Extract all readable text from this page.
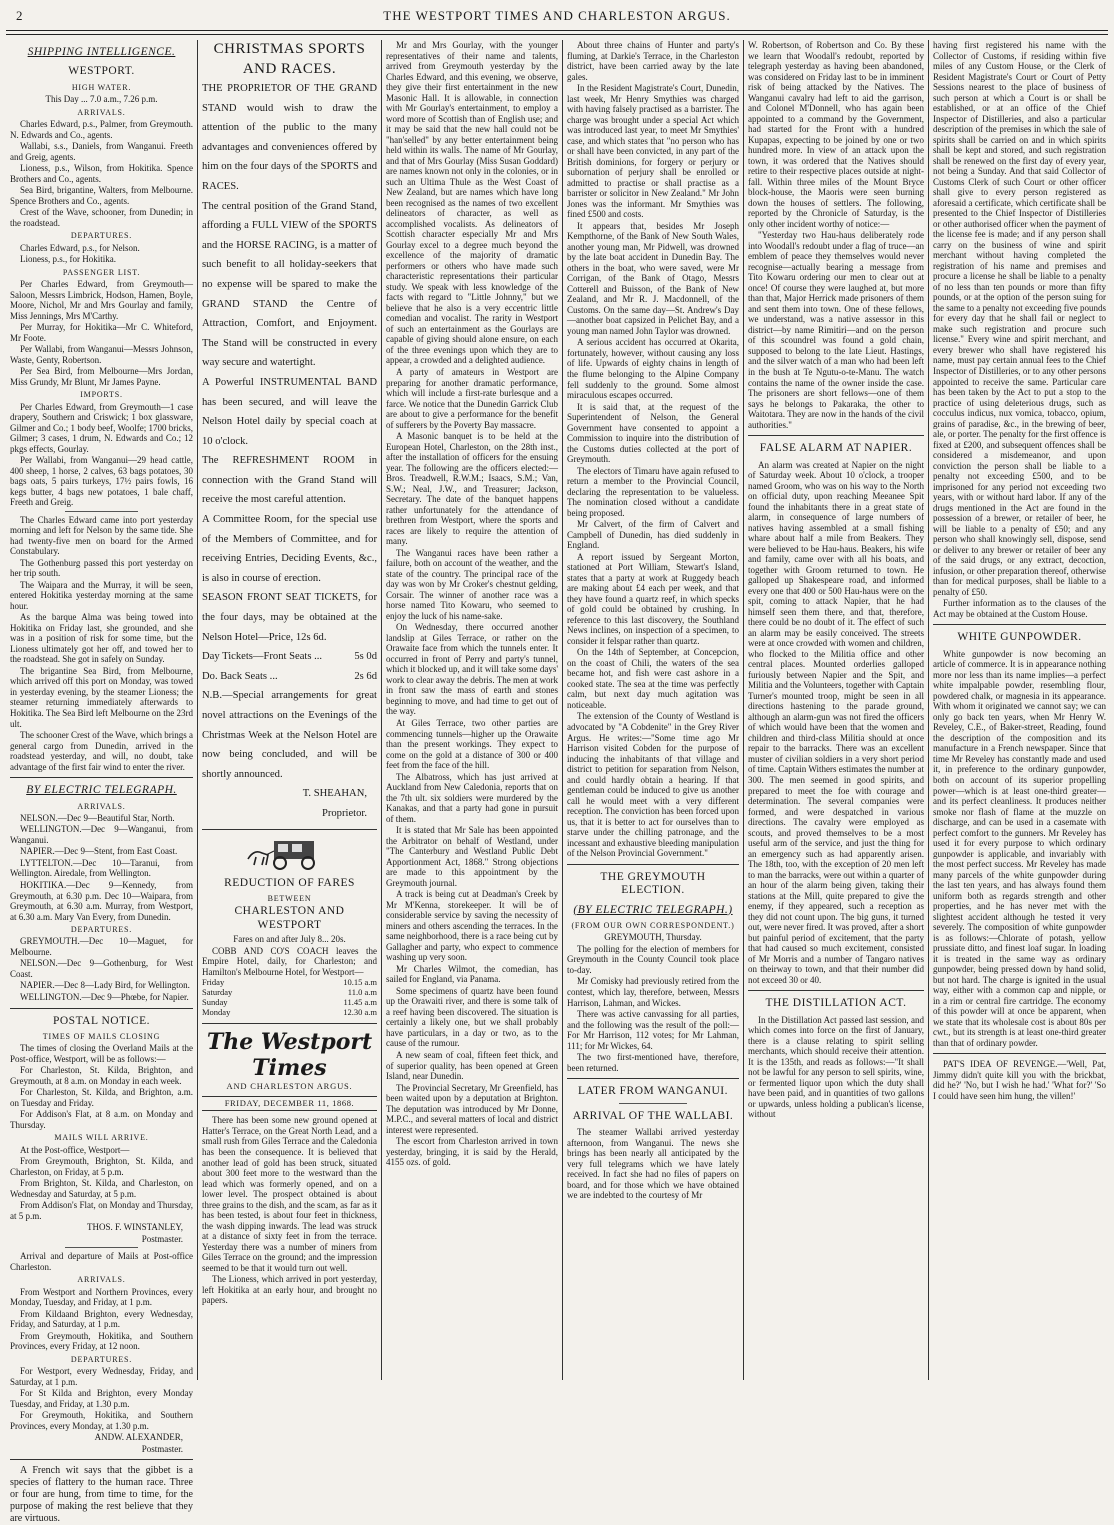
2	THE WESTPORT TIMES AND CHARLESTON ARGUS.
SHIPPING INTELLIGENCE.
WESTPORT.
HIGH WATER.

This Day ... 7.0 a.m., 7.26 p.m.

ARRIVALS.

Charles Edward, p.s., Palmer, from Greymouth. N. Edwards and Co., agents.

Wallabi, s.s., Daniels, from Wanganui. Freeth and Greig, agents.

Lioness, p.s., Wilson, from Hokitika. Spence Brothers and Co., agents.

Sea Bird, brigantine, Walters, from Melbourne. Spence Brothers and Co., agents.

Crest of the Wave, schooner, from Dunedin; in the roadstead.

DEPARTURES.

Charles Edward, p.s., for Nelson.

Lioness, p.s., for Hokitika.

PASSENGER LIST.

Per Charles Edward, from Greymouth—Saloon, Messrs Limbrick, Hodson, Hamen, Boyle, Moore, Nichol, Mr and Mrs Gourlay and family, Miss Jennings, Mrs M'Carthy.

Per Murray, for Hokitika—Mr C. Whiteford, Mr Foote.

Per Wallabi, from Wanganui—Messrs Johnson, Waste, Genty, Robertson.

Per Sea Bird, from Melbourne—Mrs Jordan, Miss Grundy, Mr Blunt, Mr James Payne.

IMPORTS.

Per Charles Edward, from Greymouth—1 case drapery, Southern and Criswick; 1 box glassware, Gilmer and Co.; 1 body beef, Woolfe; 1700 bricks, Gilmer; 3 cases, 1 drum, N. Edwards and Co.; 12 pkgs effects, Gourlay.

Per Wallabi, from Wanganui—29 head cattle, 400 sheep, 1 horse, 2 calves, 63 bags potatoes, 30 bags oats, 5 pairs turkeys, 17½ pairs fowls, 16 kegs butter, 4 bags new potatoes, 1 bale chaff, Freeth and Greig.

The Charles Edward came into port yesterday morning and left for Nelson by the same tide. She had twenty-five men on board for the Armed Constabulary.

The Gothenburg passed this port yesterday on her trip south.

The Waipara and the Murray, it will be seen, entered Hokitika yesterday morning at the same hour.

As the barque Alma was being towed into Hokitika on Friday last, she grounded, and she was in a position of risk for some time, but the Lioness ultimately got her off, and towed her to the roadstead. She got in safely on Sunday.

The brigantine Sea Bird, from Melbourne, which arrived off this port on Monday, was towed in yesterday evening, by the steamer Lioness; the steamer returning immediately afterwards to Hokitika. The Sea Bird left Melbourne on the 23rd ult.

The schooner Crest of the Wave, which brings a general cargo from Dunedin, arrived in the roadstead yesterday, and will, no doubt, take advantage of the first fair wind to enter the river.

BY ELECTRIC TELEGRAPH.
ARRIVALS.

NELSON.—Dec 9—Beautiful Star, North.

WELLINGTON.—Dec 9—Wanganui, from Wanganui.

NAPIER.—Dec 9—Stent, from East Coast.

LYTTELTON.—Dec 10—Taranui, from Wellington. Airedale, from Wellington.

HOKITIKA.—Dec 9—Kennedy, from Greymouth, at 6.30 p.m. Dec 10—Waipara, from Greymouth, at 6.30 a.m. Murray, from Westport, at 6.30 a.m. Mary Van Every, from Dunedin.

DEPARTURES.

GREYMOUTH.—Dec 10—Maguet, for Melbourne.

NELSON.—Dec 9—Gothenburg, for West Coast.

NAPIER.—Dec 8—Lady Bird, for Wellington.

WELLINGTON.—Dec 9—Phœbe, for Napier.

POSTAL NOTICE.
TIMES OF MAILS CLOSING

The times of closing the Overland Mails at the Post-office, Westport, will be as follows:—

For Charleston, St. Kilda, Brighton, and Greymouth, at 8 a.m. on Monday in each week.

For Charleston, St. Kilda, and Brighton, a.m. on Tuesday and Friday.

For Addison's Flat, at 8 a.m. on Monday and Thursday.

MAILS WILL ARRIVE.

At the Post-office, Westport—

From Greymouth, Brighton, St. Kilda, and Charleston, on Friday, at 5 p.m.

From Brighton, St. Kilda, and Charleston, on Wednesday and Saturday, at 5 p.m.

From Addison's Flat, on Monday and Thursday, at 5 p.m.

THOS. F. WINSTANLEY,

Postmaster.

Arrival and departure of Mails at Post-office Charleston.

ARRIVALS.

From Westport and Northern Provinces, every Monday, Tuesday, and Friday, at 1 p.m.

From Kildaand Brighton, every Wednesday, Friday, and Saturday, at 1 p.m.

From Greymouth, Hokitika, and Southern Provinces, every Friday, at 12 noon.

DEPARTURES.

For Westport, every Wednesday, Friday, and Saturday, at 1 p.m.

For St Kilda and Brighton, every Monday Tuesday, and Friday, at 1.30 p.m.

For Greymouth, Hokitika, and Southern Provinces, every Monday, at 1.30 p.m.

ANDW. ALEXANDER,

Postmaster.

A French wit says that the gibbet is a species of flattery to the human race. Three or four are hung, from time to time, for the purpose of making the rest believe that they are virtuous.

CHRISTMAS SPORTS AND RACES.

THE PROPRIETOR OF THE GRAND STAND would wish to draw the attention of the public to the many advantages and conveniences offered by him on the four days of the SPORTS and RACES.

The central position of the Grand Stand, affording a FULL VIEW of the SPORTS and the HORSE RACING, is a matter of such benefit to all holiday-seekers that no expense will be spared to make the GRAND STAND the Centre of Attraction, Comfort, and Enjoyment. The Stand will be constructed in every way secure and watertight.

A Powerful INSTRUMENTAL BAND has been secured, and will leave the Nelson Hotel daily by special coach at 10 o'clock.

The REFRESHMENT ROOM in connection with the Grand Stand will receive the most careful attention.

A Committee Room, for the special use of the Members of Committee, and for receiving Entries, Deciding Events, &c., is also in course of erection.

SEASON FRONT SEAT TICKETS, for the four days, may be obtained at the Nelson Hotel—Price, 12s 6d.

Day Tickets—Front Seats ...	5s 0d
Do. Back Seats ...	2s 6d

N.B.—Special arrangements for great novel attractions on the Evenings of the Christmas Week at the Nelson Hotel are now being concluded, and will be shortly announced.

T. SHEAHAN,

Proprietor.

REDUCTION OF FARES
BETWEEN
CHARLESTON AND WESTPORT

Fares on and after July 8... 20s.

COBB AND CO'S COACH leaves the Empire Hotel, daily, for Charleston; and Hamilton's Melbourne Hotel, for Westport—

Friday	10.15 a.m
Saturday	11.0 a.m
Sunday	11.45 a.m
Monday	12.30 a.m
The Westport Times
AND CHARLESTON ARGUS.
FRIDAY, DECEMBER 11, 1868.

There has been some new ground opened at Hatter's Terrace, on the Great North Lead, and a small rush from Giles Terrace and the Caledonia has been the consequence. It is believed that another lead of gold has been struck, situated about 300 feet more to the westward than the lead which was formerly opened, and on a lower level. The prospect obtained is about three grains to the dish, and the scam, as far as it has been tested, is about four feet in thickness, the wash dipping inwards. The lead was struck at a distance of sixty feet in from the terrace. Yesterday there was a number of miners from Giles Terrace on the ground; and the impression seemed to be that it would turn out well.

The Lioness, which arrived in port yesterday, left Hokitika at an early hour, and brought no papers.

Mr and Mrs Gourlay, with the younger representatives of their name and talents, arrived from Greymouth yesterday by the Charles Edward, and this evening, we observe, they give their first entertainment in the new Masonic Hall. It is allowable, in connection with Mr Gourlay's entertainment, to employ a word more of Scottish than of English use; and it may be said that the new hall could not be "han'selled" by any better entertainment being held within its walls. The name of Mr Gourlay, and that of Mrs Gourlay (Miss Susan Goddard) are names known not only in the colonies, or in such an Ultima Thule as the West Coast of New Zealand, but are names which have long been recognised as the names of two excellent delineators of character, as well as accomplished vocalists. As delineators of Scottish character especially Mr and Mrs Gourlay excel to a degree much beyond the excellence of the majority of dramatic performers or others who have made such characteristic representations their particular study. We speak with less knowledge of the facts with regard to "Little Johnny," but we believe that he also is a very eccentric little comedian and vocalist. The rarity in Westport of such an entertainment as the Gourlays are capable of giving should alone ensure, on each of the three evenings upon which they are to appear, a crowded and a delighted audience.

A party of amateurs in Westport are preparing for another dramatic performance, which will include a first-rate burlesque and a farce. We notice that the Dunedin Garrick Club are about to give a performance for the benefit of sufferers by the Poverty Bay massacre.

A Masonic banquet is to be held at the European Hotel, Charleston, on the 28th inst., after the installation of officers for the ensuing year. The following are the officers elected:—Bros. Treadwell, R.W.M.; Isaacs, S.M.; Van, S.W.; Neal, J.W., and Treasurer; Jackson, Secretary. The date of the banquet happens rather unfortunately for the attendance of brethren from Westport, where the sports and races are likely to require the attention of many.

The Wanganui races have been rather a failure, both on account of the weather, and the state of the country. The principal race of the day was won by Mr Croker's chestnut gelding, Corsair. The winner of another race was a horse named Tito Kowaru, who seemed to enjoy the luck of his name-sake.

On Wednesday, there occurred another landslip at Giles Terrace, or rather on the Orawaite face from which the tunnels enter. It occurred in front of Perry and party's tunnel, which it blocked up, and it will take some days' work to clear away the debris. The men at work in front saw the mass of earth and stones beginning to move, and had time to get out of the way.

At Giles Terrace, two other parties are commencing tunnels—higher up the Orawaite than the present workings. They expect to come on the gold at a distance of 300 or 400 feet from the face of the hill.

The Albatross, which has just arrived at Auckland from New Caledonia, reports that on the 7th ult. six soldiers were murdered by the Kanakas, and that a party had gone in pursuit of them.

It is stated that Mr Sale has been appointed the Arbitrator on behalf of Westland, under "The Canterbury and Westland Public Debt Apportionment Act, 1868." Strong objections are made to this appointment by the Greymouth journal.

A track is being cut at Deadman's Creek by Mr M'Kenna, storekeeper. It will be of considerable service by saving the necessity of miners and others ascending the terraces. In the same neighborhood, there is a race being cut by Gallagher and party, who expect to commence washing up very soon.

Mr Charles Wilmot, the comedian, has sailed for England, via Panama.

Some specimens of quartz have been found up the Orawaiti river, and there is some talk of a reef having been discovered. The situation is certainly a likely one, but we shall probably have particulars, in a day or two, as to the cause of the rumour.

A new seam of coal, fifteen feet thick, and of superior quality, has been opened at Green Island, near Dunedin.

The Provincial Secretary, Mr Greenfield, has been waited upon by a deputation at Brighton. The deputation was introduced by Mr Donne, M.P.C., and several matters of local and district interest were represented.

The escort from Charleston arrived in town yesterday, bringing, it is said by the Herald, 4155 ozs. of gold.

About three chains of Hunter and party's fluming, at Darkie's Terrace, in the Charleston district, have been carried away by the late gales.

In the Resident Magistrate's Court, Dunedin, last week, Mr Henry Smythies was charged with having falsely practised as a barrister. The charge was brought under a special Act which was introduced last year, to meet Mr Smythies' case, and which states that "no person who has or shall have been convicted, in any part of the British dominions, for forgery or perjury or subornation of perjury shall be enrolled or admitted to practise or shall practise as a barrister or solicitor in New Zealand." Mr John Jones was the informant. Mr Smythies was fined £500 and costs.

It appears that, besides Mr Joseph Kempthorne, of the Bank of New South Wales, another young man, Mr Pidwell, was drowned by the late boat accident in Dunedin Bay. The others in the boat, who were saved, were Mr Corrigan, of the Bank of Otago, Messrs Cotterell and Buisson, of the Bank of New Zealand, and Mr R. J. Macdonnell, of the Customs. On the same day—St. Andrew's Day—another boat capsized in Pelichet Bay, and a young man named John Taylor was drowned.

A serious accident has occurred at Okarita, fortunately, however, without causing any loss of life. Upwards of eighty chains in length of the flume belonging to the Alpine Company fell suddenly to the ground. Some almost miraculous escapes occurred.

It is said that, at the request of the Superintendent of Nelson, the General Government have consented to appoint a Commission to inquire into the distribution of the Customs duties collected at the port of Greymouth.

The electors of Timaru have again refused to return a member to the Provincial Council, declaring the representation to be valueless. The nomination closed without a candidate being proposed.

Mr Calvert, of the firm of Calvert and Campbell of Dunedin, has died suddenly in England.

A report issued by Sergeant Morton, stationed at Port William, Stewart's Island, states that a party at work at Ruggedy beach are making about £4 each per week, and that they have found a quartz reef, in which specks of gold could be obtained by crushing. In reference to this last discovery, the Southland News inclines, on inspection of a specimen, to consider it felspar rather than quartz.

On the 14th of September, at Concepcion, on the coast of Chili, the waters of the sea became hot, and fish were cast ashore in a cooked state. The sea at the time was perfectly calm, but next day much agitation was noticeable.

The extension of the County of Westland is advocated by "A Cobdenite" in the Grey River Argus. He writes:—"Some time ago Mr Harrison visited Cobden for the purpose of inducing the inhabitants of that village and district to petition for separation from Nelson, and could hardly obtain a hearing. If that gentleman could be induced to give us another call he would meet with a very different reception. The conviction has been forced upon us, that it is better to act for ourselves than to starve under the chilling patronage, and the incessant and exhaustive bleeding manipulation of the Nelson Provincial Government."

THE GREYMOUTH ELECTION.
(BY ELECTRIC TELEGRAPH.)
(FROM OUR OWN CORRESPONDENT.)

GREYMOUTH, Thursday.

The polling for the election of members for Greymouth in the County Council took place to-day.

Mr Comisky had previously retired from the contest, which lay, therefore, between, Messrs Harrison, Lahman, and Wickes.

There was active canvassing for all parties, and the following was the result of the poll:—For Mr Harrison, 112 votes; for Mr Lahman, 111; for Mr Wickes, 64.

The two first-mentioned have, therefore, been returned.

LATER FROM WANGANUI.
ARRIVAL OF THE WALLABI.

The steamer Wallabi arrived yesterday afternoon, from Wanganui. The news she brings has been nearly all anticipated by the very full telegrams which we have lately received. In fact she had no files of papers on board, and for those which we have obtained we are indebted to the courtesy of Mr

W. Robertson, of Robertson and Co. By these we learn that Woodall's redoubt, reported by telegraph yesterday as having been abandoned, was considered on Friday last to be in imminent risk of being attacked by the Natives. The Wanganui cavalry had left to aid the garrison, and Colonel M'Donnell, who has again been appointed to a command by the Government, had started for the Front with a hundred Kupapas, expecting to be joined by one or two hundred more. In view of an attack upon the town, it was ordered that the Natives should retire to their respective places outside at night-fall. Within three miles of the Mount Bryce block-house, the Maoris were seen burning down the houses of settlers. The following, reported by the Chronicle of Saturday, is the only other incident worthy of notice:—

"Yesterday two Hau-haus deliberately rode into Woodall's redoubt under a flag of truce—an emblem of peace they themselves would never recognise—actually bearing a message from Tito Kowaru ordering our men to clear out at once! Of course they were laughed at, but more than that, Major Herrick made prisoners of them and sent them into town. One of these fellows, we understand, was a native assessor in this district—by name Rimitiri—and on the person of this scoundrel was found a gold chain, supposed to belong to the late Lieut. Hastings, and the silver watch of a man who had been left in the bush at Te Ngutu-o-te-Manu. The watch contains the name of the owner inside the case. The prisoners are short fellows—one of them says he belongs to Pakaraka, the other to Waitotara. They are now in the hands of the civil authorities."

FALSE ALARM AT NAPIER.

An alarm was created at Napier on the night of Saturday week. About 10 o'clock, a trooper named Groom, who was on his way to the North on official duty, upon reaching Meeanee Spit found the inhabitants there in a great state of alarm, in consequence of large numbers of natives having assembled at a small fishing whare about half a mile from Beakers. They were believed to be Hau-haus. Beakers, his wife and family, came over with all his boats, and together with Groom returned to town. He galloped up Shakespeare road, and informed every one that 400 or 500 Hau-haus were on the spit, coming to attack Napier, that he had himself seen them there, and that, therefore, there could be no doubt of it. The effect of such an alarm may be easily conceived. The streets were at once crowded with women and children, who flocked to the Militia office and other central places. Mounted orderlies galloped furiously between Napier and the Spit, and Militia and the Volunteers, together with Captain Turner's mounted troop, might be seen in all directions hastening to the parade ground, although an alarm-gun was not fired the officers of which would have been that the women and children and third-class Militia should at once repair to the barracks. There was an excellent muster of civilian soldiers in a very short period of time. Captain Withers estimates the number at 300. The men seemed in good spirits, and prepared to meet the foe with courage and determination. The several companies were formed, and were despatched in various directions. The cavalry were employed as scouts, and proved themselves to be a most useful arm of the service, and just the thing for an emergency such as had apparently arisen. The 18th, too, with the exception of 20 men left to man the barracks, were out within a quarter of an hour of the alarm being given, taking their stations at the Mill, quite prepared to give the enemy, if they appeared, such a reception as they did not count upon. The big guns, it turned out, were never fired. It was proved, after a short but painful period of excitement, that the party that had caused so much excitement, consisted of Mr Morris and a number of Tangaro natives on theirway to town, and that their number did not exceed 30 or 40.

THE DISTILLATION ACT.

In the Distillation Act passed last session, and which comes into force on the first of January, there is a clause relating to spirit selling merchants, which should receive their attention. It is the 135th, and reads as follows:—"It shall not be lawful for any person to sell spirits, wine, or fermented liquor upon which the duty shall have been paid, and in quantities of two gallons or upwards, unless holding a publican's license, without

having first registered his name with the Collector of Customs, if residing within five miles of any Custom House, or the Clerk of Resident Magistrate's Court or Court of Petty Sessions nearest to the place of business of such person at which a Court is or shall be established, or at an office of the Chief Inspector of Distilleries, and also a particular description of the premises in which the sale of spirits shall be carried on and in which spirits shall be kept and stored, and such registration shall be renewed on the first day of every year, not being a Sunday. And that said Collector of Customs Clerk of such Court or other officer shall give to every person registered as aforesaid a certificate, which certificate shall be presented to the Chief Inspector of Distilleries or other authorised officer when the payment of the license fee is made; and if any person shall carry on the business of wine and spirit merchant without having completed the registration of his name and premises and procure a license he shall be liable to a penalty of no less than ten pounds or more than fifty pounds, or at the option of the person suing for the same to a penalty not exceeding five pounds for every day that he shall fail or neglect to make such registration and procure such license." Every wine and spirit merchant, and every brewer who shall have registered his name, must pay certain annual fees to the Chief Inspector of Distilleries, or to any other persons appointed to receive the same. Particular care has been taken by the Act to put a stop to the practice of using deleterious drugs, such as cocculus indicus, nux vomica, tobacco, opium, grains of paradise, &c., in the brewing of beer, ale, or porter. The penalty for the first offence is fixed at £200, and subsequent offences shall be considered a misdemeanor, and upon conviction the person shall be liable to a penalty not exceeding £500, and to be imprisoned for any period not exceeding two years, with or without hard labor. If any of the drugs mentioned in the Act are found in the possession of a brewer, or retailer of beer, he will be liable to a penalty of £50; and any person who shall knowingly sell, dispose, send or deliver to any brewer or retailer of beer any of the said drugs, or any extract, decoction, infusion, or other preparation thereof, otherwise than for medical purposes, shall be liable to a penalty of £50.

Further information as to the clauses of the Act may be obtained at the Custom House.

WHITE GUNPOWDER.

White gunpowder is now becoming an article of commerce. It is in appearance nothing more nor less than its name implies—a perfect white impalpable powder, resembling flour, powdered chalk, or magnesia in its appearance. With whom it originated we cannot say; we can only go back ten years, when Mr Henry W. Reveley, C.E., of Baker-street, Reading, found the description of the composition and its manufacture in a French newspaper. Since that time Mr Reveley has constantly made and used it, in preference to the ordinary gunpowder, both on account of its superior propelling power—which is at least one-third greater—and its perfect cleanliness. It produces neither smoke nor flash of flame at the muzzle on discharge, and can be used in a casemate with perfect comfort to the gunners. Mr Reveley has used it for every purpose to which ordinary gunpowder is applicable, and invariably with the most perfect success. Mr Reveley has made many parcels of the white gunpowder during the last ten years, and has always found them uniform both as regards strength and other properties, and he has never met with the slightest accident although he tested it very severely. The composition of white gunpowder is as follows:—Chlorate of potash, yellow prussiate ditto, and finest loaf sugar. In loading it is treated in the same way as ordinary gunpowder, being pressed down by hand solid, but not hard. The charge is ignited in the usual way, either with a common cap and nipple, or in a rim or central fire cartridge. The economy of this powder will at once be apparent, when we state that its wholesale cost is about 80s per cwt., but its strength is at least one-third greater than that of ordinary powder.

PAT'S IDEA OF REVENGE.—'Well, Pat, Jimmy didn't quite kill you with the brickbat, did he?' 'No, but I wish he had.' 'What for?' 'So I could have seen him hung, the villen!'
